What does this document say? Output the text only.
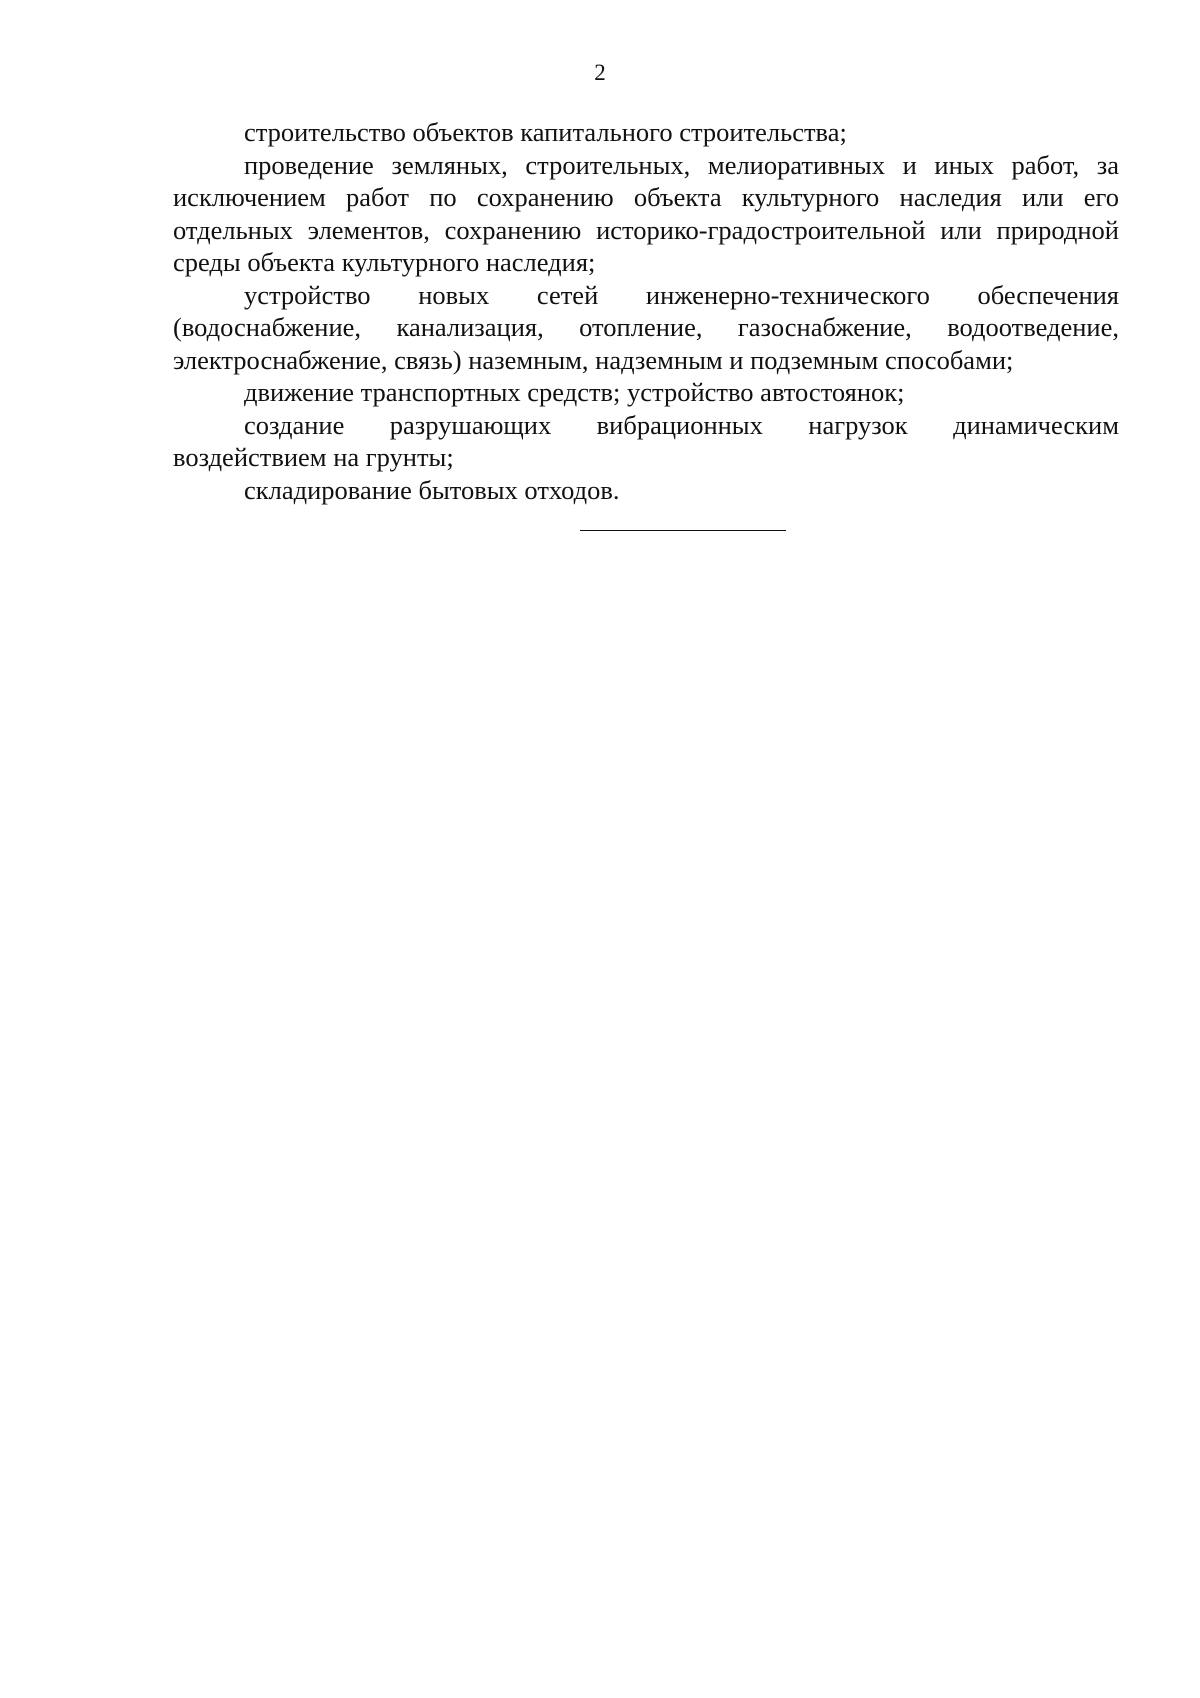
2

строительство объектов капитального строительства;

проведение земляных, строительных, мелиоративных и иных работ, за исключением работ по сохранению объекта культурного наследия или его отдельных элементов, сохранению историко-градостроительной или природной среды объекта культурного наследия;

устройство новых сетей инженерно-технического обеспечения (водоснабжение, канализация, отопление, газоснабжение, водоотведение, электроснабжение, связь) наземным, надземным и подземным способами;

движение транспортных средств; устройство автостоянок;

создание разрушающих вибрационных нагрузок динамическим воздействием на грунты;

складирование бытовых отходов.
